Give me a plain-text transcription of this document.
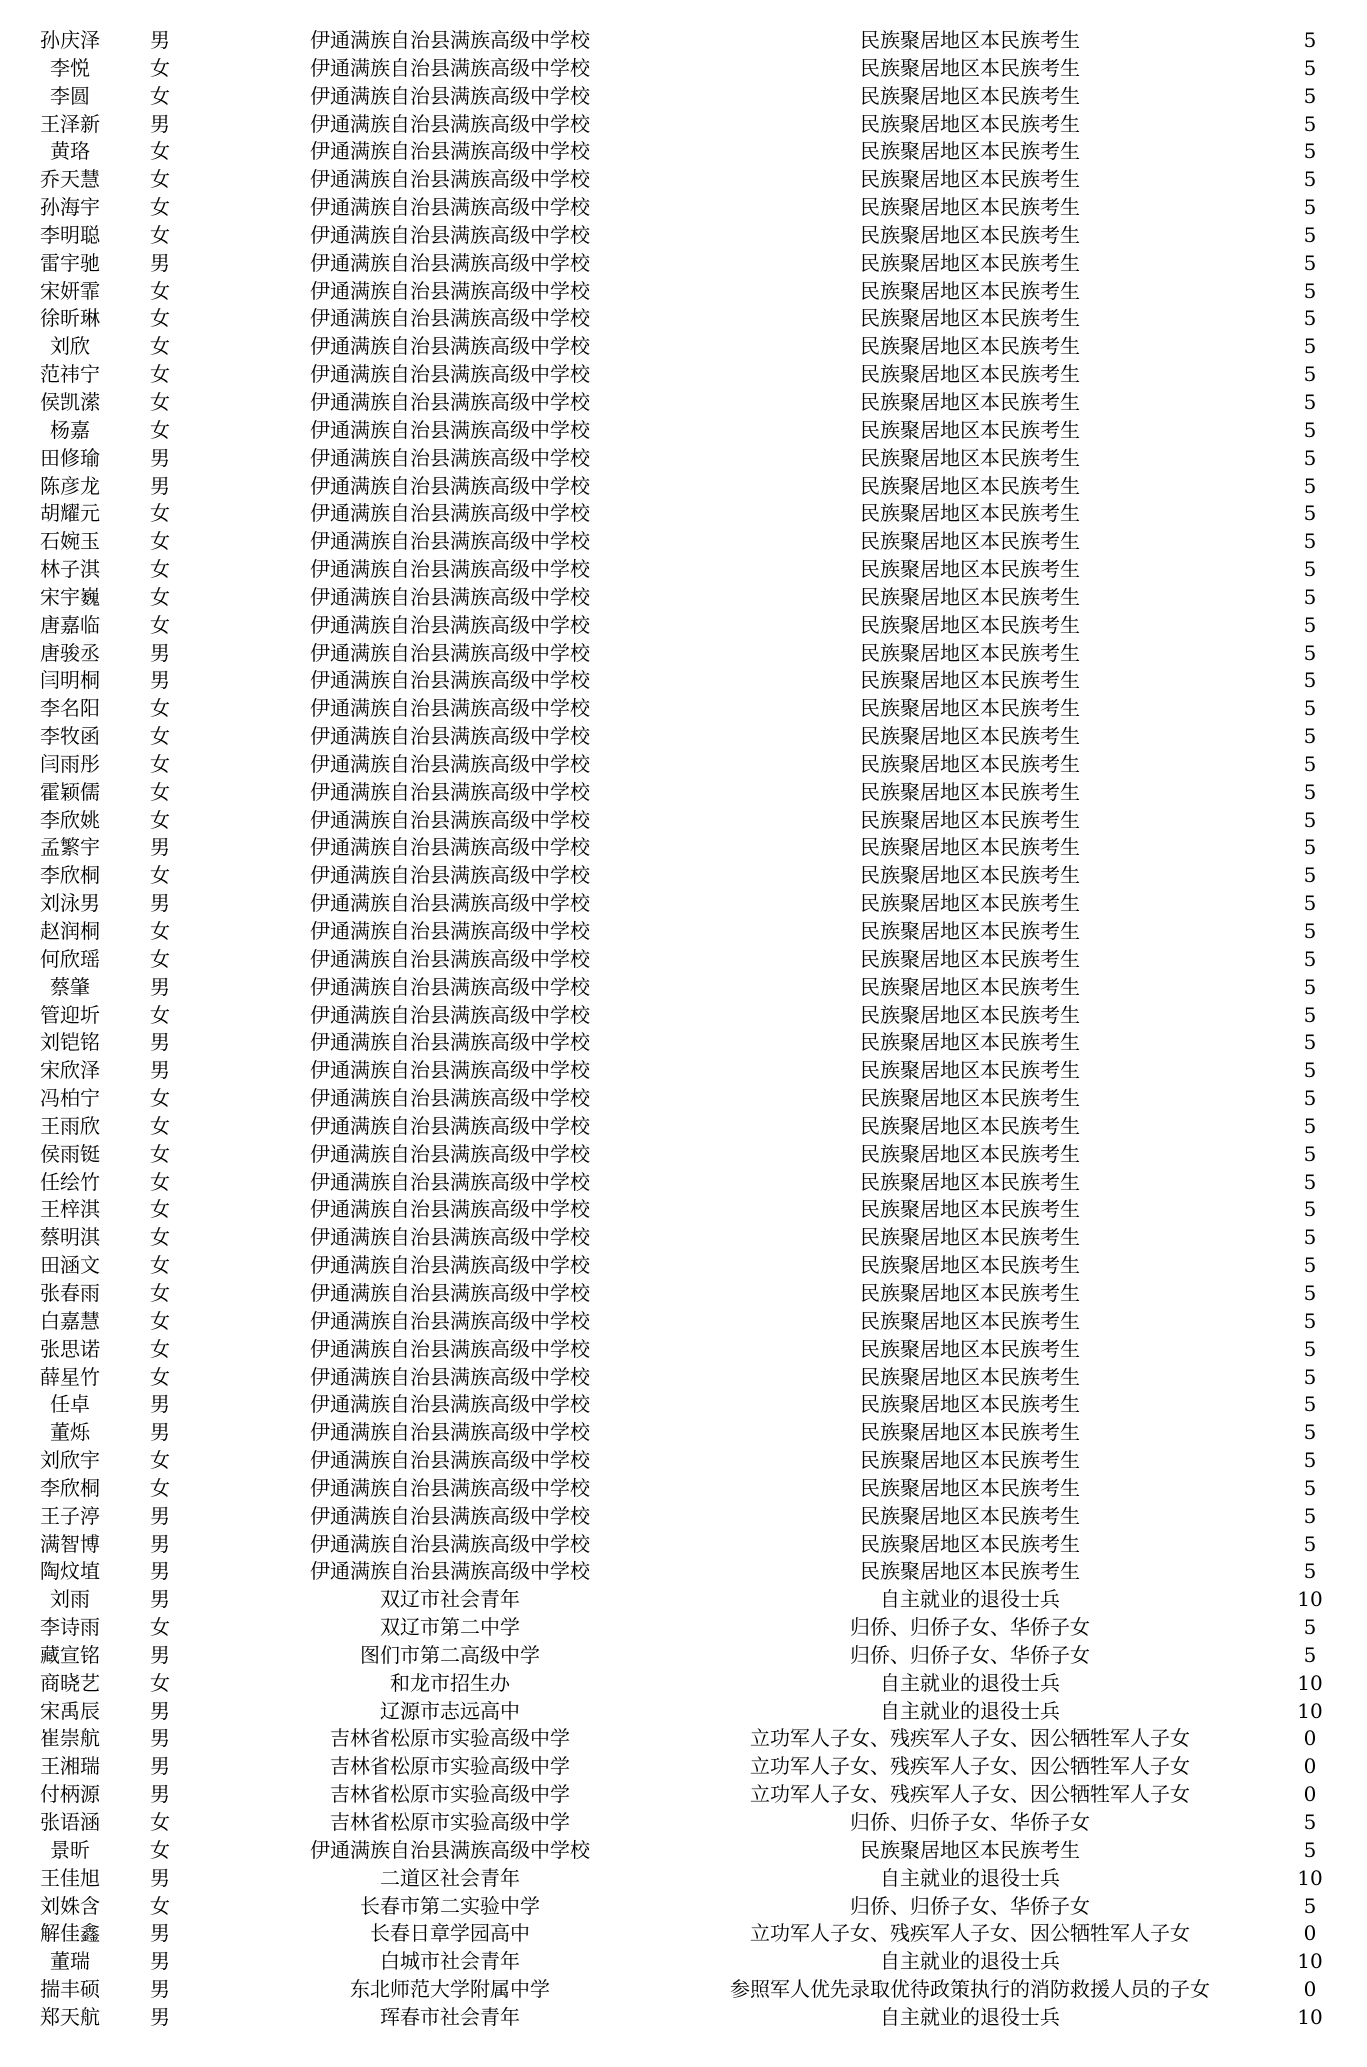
孙庆泽	男	伊通满族自治县满族高级中学校	民族聚居地区本民族考生	5
李悦	女	伊通满族自治县满族高级中学校	民族聚居地区本民族考生	5
李圆	女	伊通满族自治县满族高级中学校	民族聚居地区本民族考生	5
王泽新	男	伊通满族自治县满族高级中学校	民族聚居地区本民族考生	5
黄珞	女	伊通满族自治县满族高级中学校	民族聚居地区本民族考生	5
乔天慧	女	伊通满族自治县满族高级中学校	民族聚居地区本民族考生	5
孙海宇	女	伊通满族自治县满族高级中学校	民族聚居地区本民族考生	5
李明聪	女	伊通满族自治县满族高级中学校	民族聚居地区本民族考生	5
雷宇驰	男	伊通满族自治县满族高级中学校	民族聚居地区本民族考生	5
宋妍霏	女	伊通满族自治县满族高级中学校	民族聚居地区本民族考生	5
徐昕琳	女	伊通满族自治县满族高级中学校	民族聚居地区本民族考生	5
刘欣	女	伊通满族自治县满族高级中学校	民族聚居地区本民族考生	5
范祎宁	女	伊通满族自治县满族高级中学校	民族聚居地区本民族考生	5
侯凯潆	女	伊通满族自治县满族高级中学校	民族聚居地区本民族考生	5
杨嘉	女	伊通满族自治县满族高级中学校	民族聚居地区本民族考生	5
田修瑜	男	伊通满族自治县满族高级中学校	民族聚居地区本民族考生	5
陈彦龙	男	伊通满族自治县满族高级中学校	民族聚居地区本民族考生	5
胡耀元	女	伊通满族自治县满族高级中学校	民族聚居地区本民族考生	5
石婉玉	女	伊通满族自治县满族高级中学校	民族聚居地区本民族考生	5
林子淇	女	伊通满族自治县满族高级中学校	民族聚居地区本民族考生	5
宋宇巍	女	伊通满族自治县满族高级中学校	民族聚居地区本民族考生	5
唐嘉临	女	伊通满族自治县满族高级中学校	民族聚居地区本民族考生	5
唐骏丞	男	伊通满族自治县满族高级中学校	民族聚居地区本民族考生	5
闫明桐	男	伊通满族自治县满族高级中学校	民族聚居地区本民族考生	5
李名阳	女	伊通满族自治县满族高级中学校	民族聚居地区本民族考生	5
李牧函	女	伊通满族自治县满族高级中学校	民族聚居地区本民族考生	5
闫雨彤	女	伊通满族自治县满族高级中学校	民族聚居地区本民族考生	5
霍颖儒	女	伊通满族自治县满族高级中学校	民族聚居地区本民族考生	5
李欣姚	女	伊通满族自治县满族高级中学校	民族聚居地区本民族考生	5
孟繁宇	男	伊通满族自治县满族高级中学校	民族聚居地区本民族考生	5
李欣桐	女	伊通满族自治县满族高级中学校	民族聚居地区本民族考生	5
刘泳男	男	伊通满族自治县满族高级中学校	民族聚居地区本民族考生	5
赵润桐	女	伊通满族自治县满族高级中学校	民族聚居地区本民族考生	5
何欣瑶	女	伊通满族自治县满族高级中学校	民族聚居地区本民族考生	5
蔡肇	男	伊通满族自治县满族高级中学校	民族聚居地区本民族考生	5
管迎圻	女	伊通满族自治县满族高级中学校	民族聚居地区本民族考生	5
刘铠铭	男	伊通满族自治县满族高级中学校	民族聚居地区本民族考生	5
宋欣泽	男	伊通满族自治县满族高级中学校	民族聚居地区本民族考生	5
冯柏宁	女	伊通满族自治县满族高级中学校	民族聚居地区本民族考生	5
王雨欣	女	伊通满族自治县满族高级中学校	民族聚居地区本民族考生	5
侯雨铤	女	伊通满族自治县满族高级中学校	民族聚居地区本民族考生	5
任绘竹	女	伊通满族自治县满族高级中学校	民族聚居地区本民族考生	5
王梓淇	女	伊通满族自治县满族高级中学校	民族聚居地区本民族考生	5
蔡明淇	女	伊通满族自治县满族高级中学校	民族聚居地区本民族考生	5
田涵文	女	伊通满族自治县满族高级中学校	民族聚居地区本民族考生	5
张春雨	女	伊通满族自治县满族高级中学校	民族聚居地区本民族考生	5
白嘉慧	女	伊通满族自治县满族高级中学校	民族聚居地区本民族考生	5
张思诺	女	伊通满族自治县满族高级中学校	民族聚居地区本民族考生	5
薛星竹	女	伊通满族自治县满族高级中学校	民族聚居地区本民族考生	5
任卓	男	伊通满族自治县满族高级中学校	民族聚居地区本民族考生	5
董烁	男	伊通满族自治县满族高级中学校	民族聚居地区本民族考生	5
刘欣宇	女	伊通满族自治县满族高级中学校	民族聚居地区本民族考生	5
李欣桐	女	伊通满族自治县满族高级中学校	民族聚居地区本民族考生	5
王子渟	男	伊通满族自治县满族高级中学校	民族聚居地区本民族考生	5
满智博	男	伊通满族自治县满族高级中学校	民族聚居地区本民族考生	5
陶炆埴	男	伊通满族自治县满族高级中学校	民族聚居地区本民族考生	5
刘雨	男	双辽市社会青年	自主就业的退役士兵	10
李诗雨	女	双辽市第二中学	归侨、归侨子女、华侨子女	5
藏宣铭	男	图们市第二高级中学	归侨、归侨子女、华侨子女	5
商晓艺	女	和龙市招生办	自主就业的退役士兵	10
宋禹辰	男	辽源市志远高中	自主就业的退役士兵	10
崔崇航	男	吉林省松原市实验高级中学	立功军人子女、残疾军人子女、因公牺牲军人子女	0
王湘瑞	男	吉林省松原市实验高级中学	立功军人子女、残疾军人子女、因公牺牲军人子女	0
付柄源	男	吉林省松原市实验高级中学	立功军人子女、残疾军人子女、因公牺牲军人子女	0
张语涵	女	吉林省松原市实验高级中学	归侨、归侨子女、华侨子女	5
景昕	女	伊通满族自治县满族高级中学校	民族聚居地区本民族考生	5
王佳旭	男	二道区社会青年	自主就业的退役士兵	10
刘姝含	女	长春市第二实验中学	归侨、归侨子女、华侨子女	5
解佳鑫	男	长春日章学园高中	立功军人子女、残疾军人子女、因公牺牲军人子女	0
董瑞	男	白城市社会青年	自主就业的退役士兵	10
揣丰硕	男	东北师范大学附属中学	参照军人优先录取优待政策执行的消防救援人员的子女	0
郑天航	男	珲春市社会青年	自主就业的退役士兵	10
